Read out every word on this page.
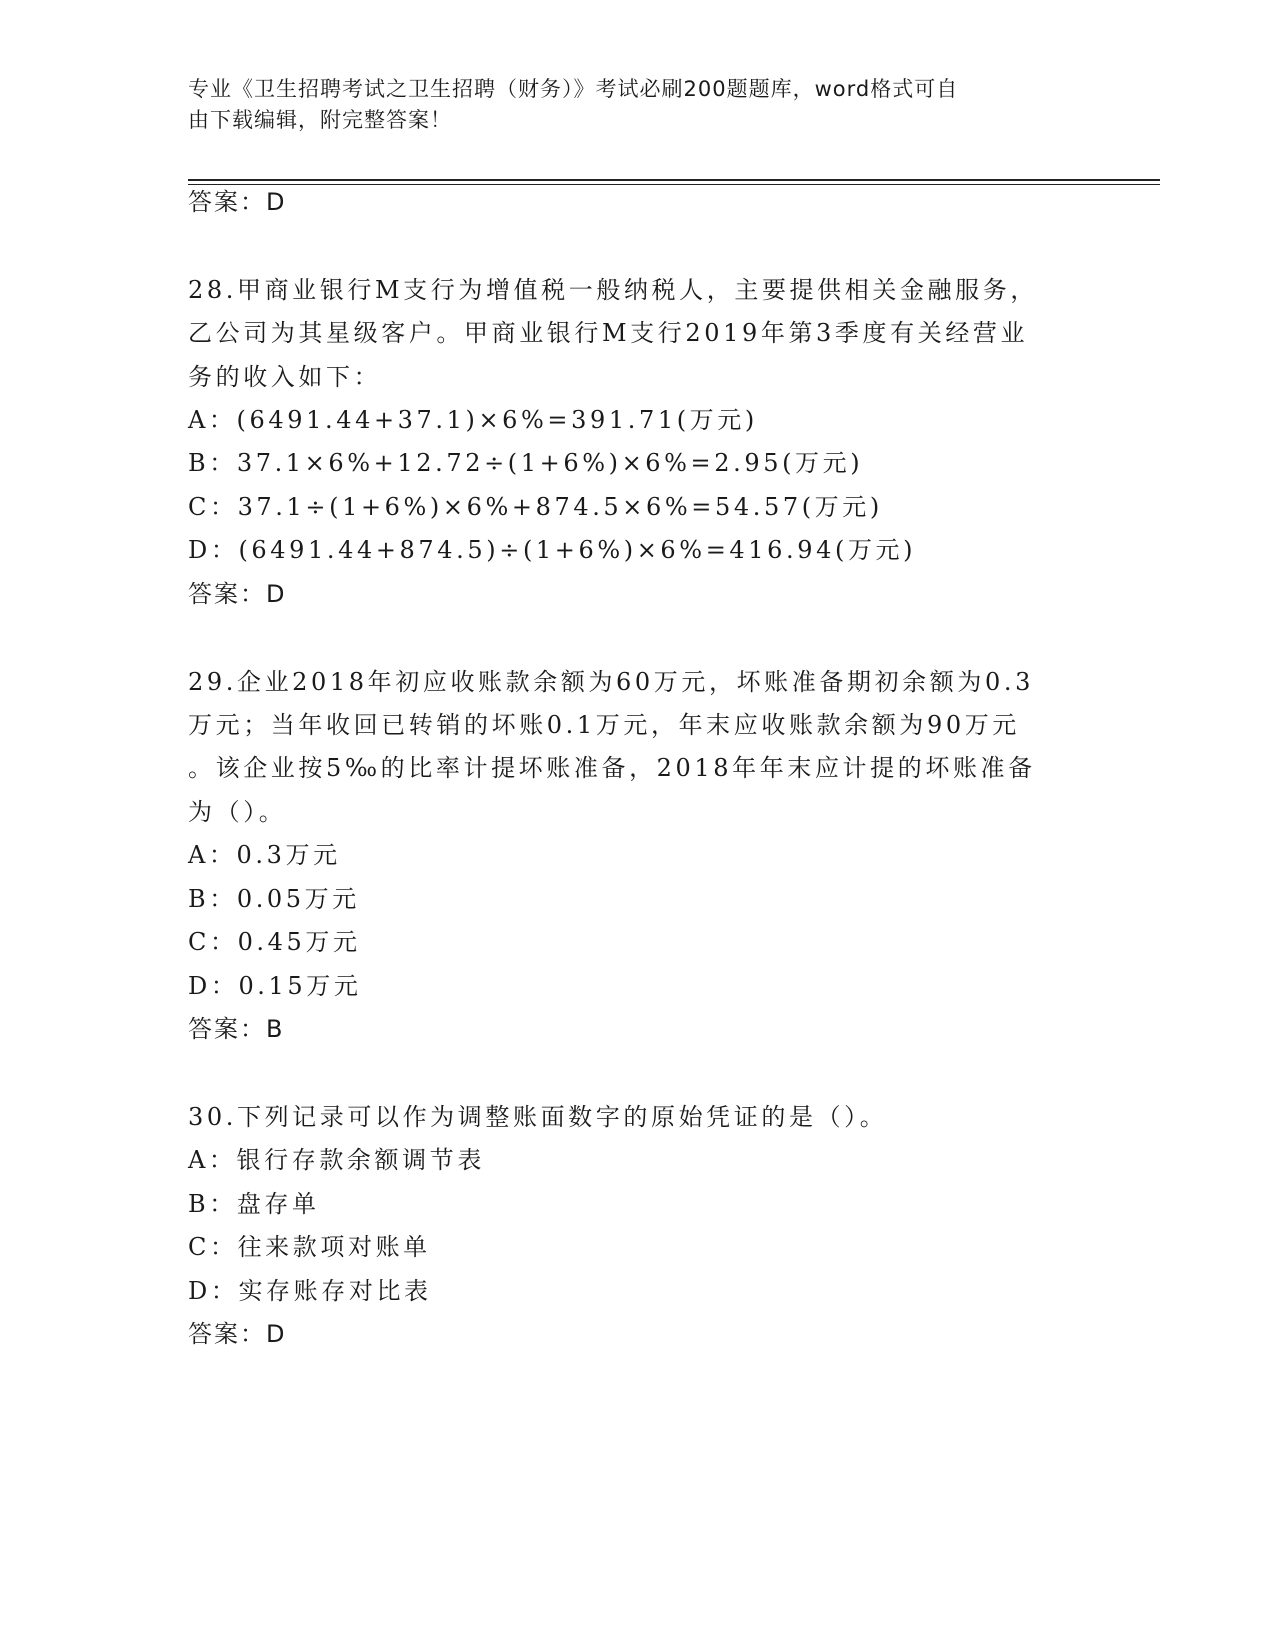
专业《卫生招聘考试之卫生招聘（财务）》考试必刷200题题库，word格式可自
由下载编辑，附完整答案！
答案：D
28.甲商业银行M支行为增值税一般纳税人，主要提供相关金融服务，
乙公司为其星级客户。甲商业银行M支行2019年第3季度有关经营业
务的收入如下：
A：(6491.44+37.1)×6%=391.71(万元)
B：37.1×6%+12.72÷(1+6%)×6%=2.95(万元)
C：37.1÷(1+6%)×6%+874.5×6%=54.57(万元)
D：(6491.44+874.5)÷(1+6%)×6%=416.94(万元)
答案：D
29.企业2018年初应收账款余额为60万元，坏账准备期初余额为0.3
万元；当年收回已转销的坏账0.1万元，年末应收账款余额为90万元
。该企业按5‰的比率计提坏账准备，2018年年末应计提的坏账准备
为（）。
A：0.3万元
B：0.05万元
C：0.45万元
D：0.15万元
答案：B
30.下列记录可以作为调整账面数字的原始凭证的是（）。
A：银行存款余额调节表
B：盘存单
C：往来款项对账单
D：实存账存对比表
答案：D
